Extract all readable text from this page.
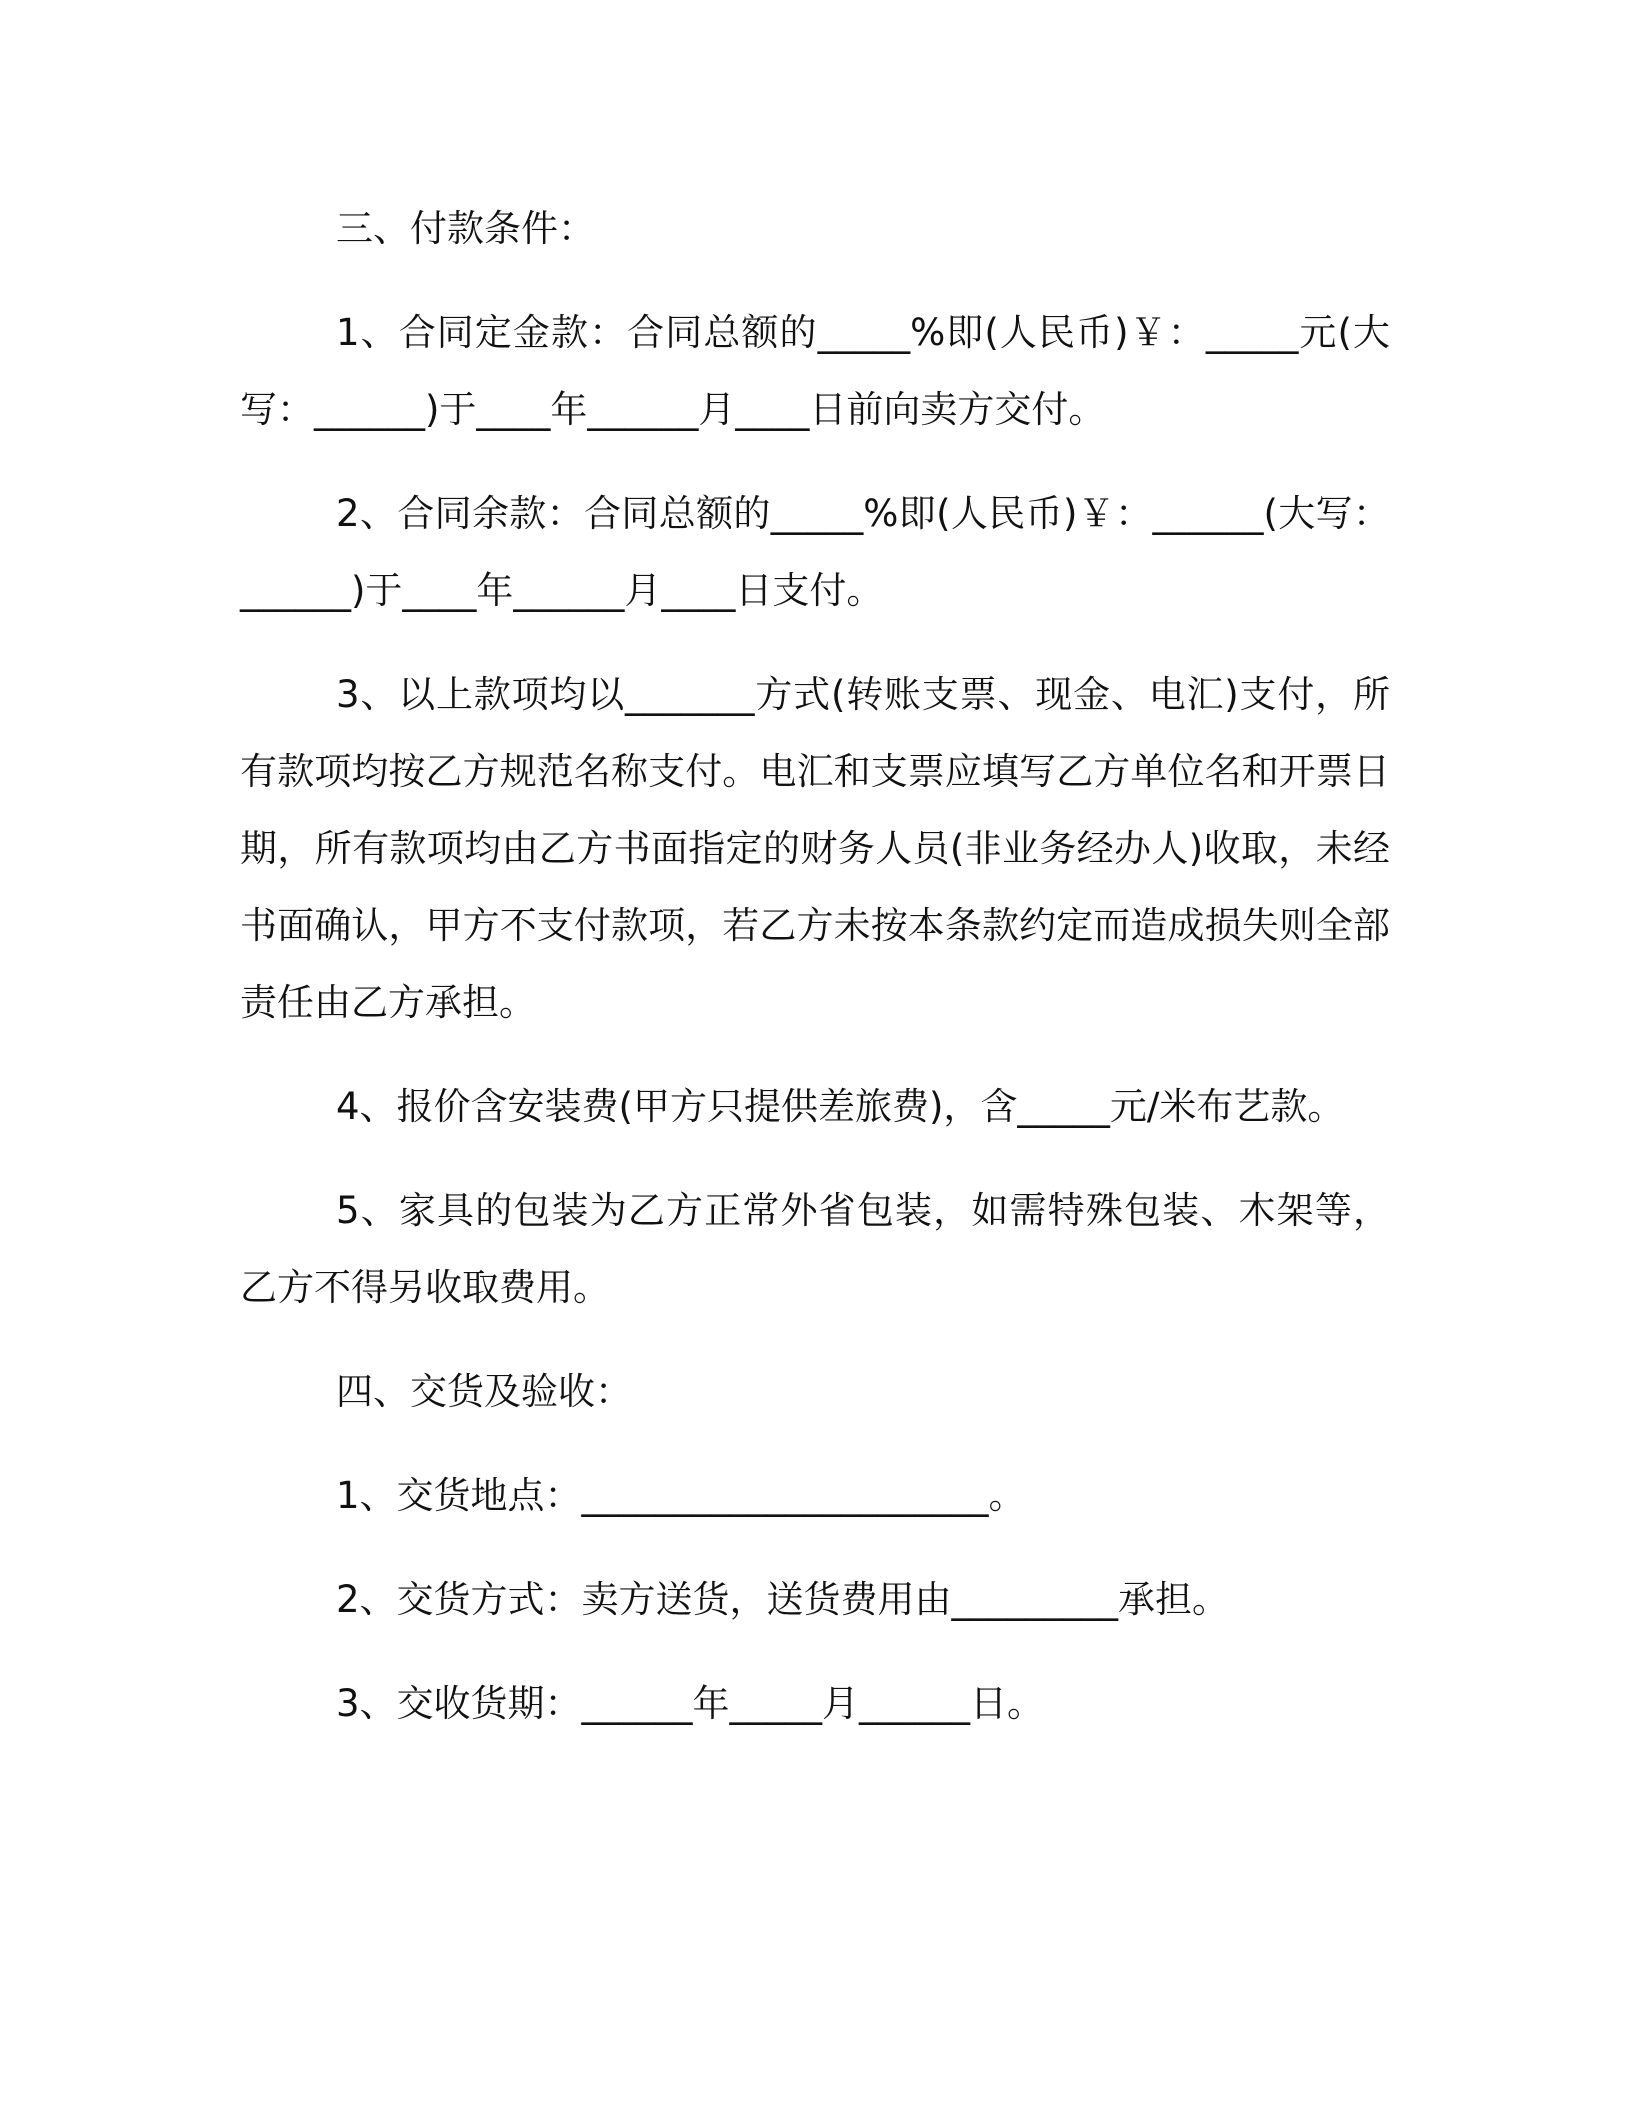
三、付款条件：

1、合同定金款：合同总额的_____%即(人民币)￥：_____元(大写：______)于____年______月____日前向卖方交付。

2、合同余款：合同总额的_____%即(人民币)￥：______(大写：______)于____年______月____日支付。

3、以上款项均以_______方式(转账支票、现金、电汇)支付，所有款项均按乙方规范名称支付。电汇和支票应填写乙方单位名和开票日期，所有款项均由乙方书面指定的财务人员(非业务经办人)收取，未经书面确认，甲方不支付款项，若乙方未按本条款约定而造成损失则全部责任由乙方承担。

4、报价含安装费(甲方只提供差旅费)，含_____元/米布艺款。

5、家具的包装为乙方正常外省包装，如需特殊包装、木架等，乙方不得另收取费用。

四、交货及验收：

1、交货地点：______________________。

2、交货方式：卖方送货，送货费用由_________承担。

3、交收货期：______年_____月______日。
